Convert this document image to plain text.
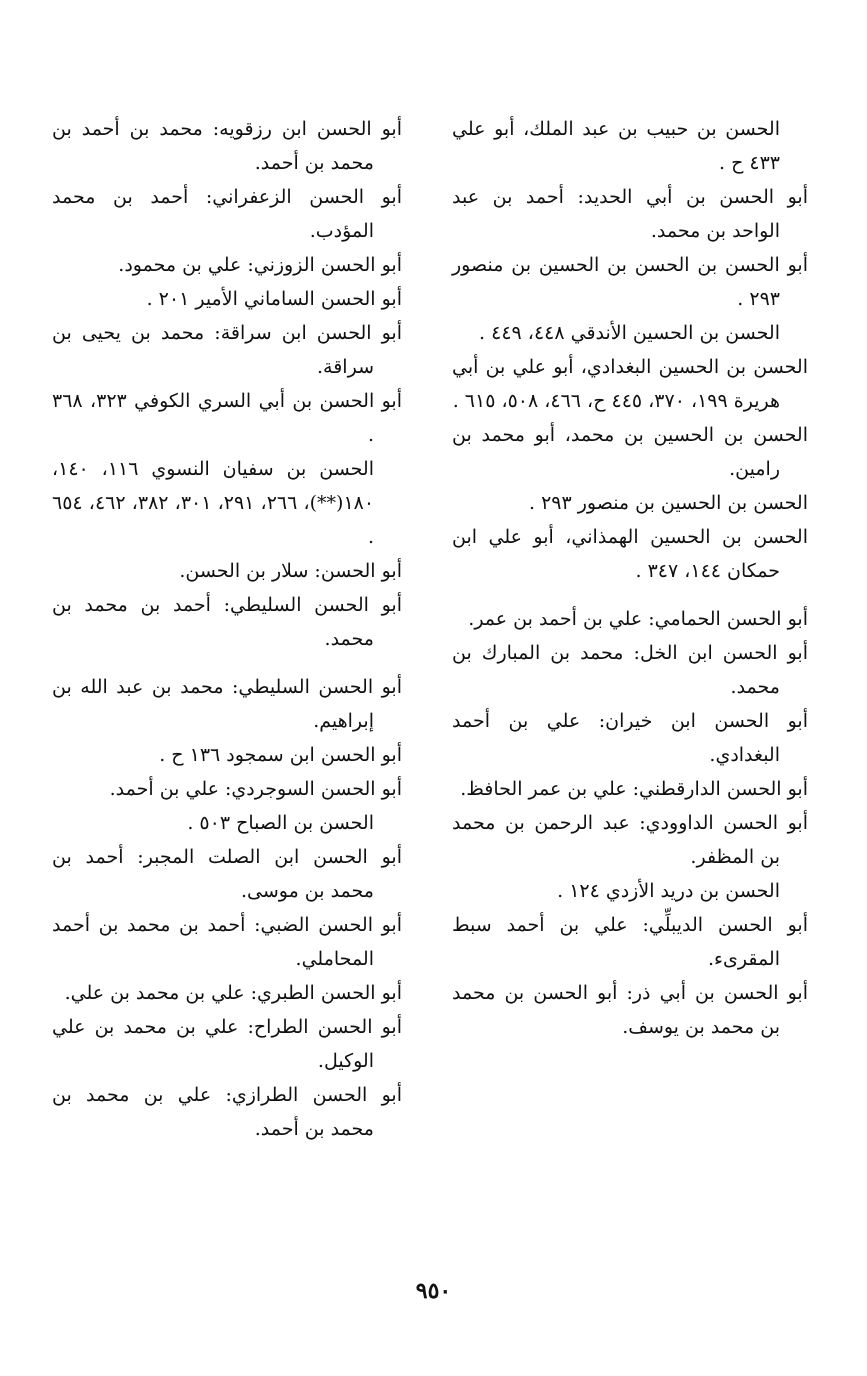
الحسن بن حبيب بن عبد الملك، أبو علي ٤٣٣ ح .

أبو الحسن بن أبي الحديد: أحمد بن عبد الواحد بن محمد.

أبو الحسن بن الحسن بن الحسين بن منصور ٢٩٣ .

الحسن بن الحسين الأندقي ٤٤٨، ٤٤٩ .

الحسن بن الحسين البغدادي، أبو علي بن أبي هريرة ١٩٩، ٣٧٠، ٤٤٥ ح، ٤٦٦، ٥٠٨، ٦١٥ .

الحسن بن الحسين بن محمد، أبو محمد بن رامين.

الحسن بن الحسين بن منصور ٢٩٣ .

الحسن بن الحسين الهمذاني، أبو علي ابن حمكان ١٤٤، ٣٤٧ .

أبو الحسن الحمامي: علي بن أحمد بن عمر.

أبو الحسن ابن الخل: محمد بن المبارك بن محمد.

أبو الحسن ابن خيران: علي بن أحمد البغدادي.

أبو الحسن الدارقطني: علي بن عمر الحافظ.

أبو الحسن الداوودي: عبد الرحمن بن محمد بن المظفر.

الحسن بن دريد الأزدي ١٢٤ .

أبو الحسن الديبلِّي: علي بن أحمد سبط المقرىء.

أبو الحسن بن أبي ذر: أبو الحسن بن محمد بن محمد بن يوسف.

أبو الحسن ابن رزقويه: محمد بن أحمد بن محمد بن أحمد.

أبو الحسن الزعفراني: أحمد بن محمد المؤدب.

أبو الحسن الزوزني: علي بن محمود.

أبو الحسن الساماني الأمير ٢٠١ .

أبو الحسن ابن سراقة: محمد بن يحيى بن سراقة.

أبو الحسن بن أبي السري الكوفي ٣٢٣، ٣٦٨ .

الحسن بن سفيان النسوي ١١٦، ١٤٠، ١٨٠(**)، ٢٦٦، ٢٩١، ٣٠١، ٣٨٢، ٤٦٢، ٦٥٤ .

أبو الحسن: سلار بن الحسن.

أبو الحسن السليطي: أحمد بن محمد بن محمد.

أبو الحسن السليطي: محمد بن عبد الله بن إبراهيم.

أبو الحسن ابن سمجود ١٣٦ ح .

أبو الحسن السوجردي: علي بن أحمد.

الحسن بن الصباح ٥٠٣ .

أبو الحسن ابن الصلت المجبر: أحمد بن محمد بن موسى.

أبو الحسن الضبي: أحمد بن محمد بن أحمد المحاملي.

أبو الحسن الطبري: علي بن محمد بن علي.

أبو الحسن الطراح: علي بن محمد بن علي الوكيل.

أبو الحسن الطرازي: علي بن محمد بن محمد بن أحمد.

٩٥٠
